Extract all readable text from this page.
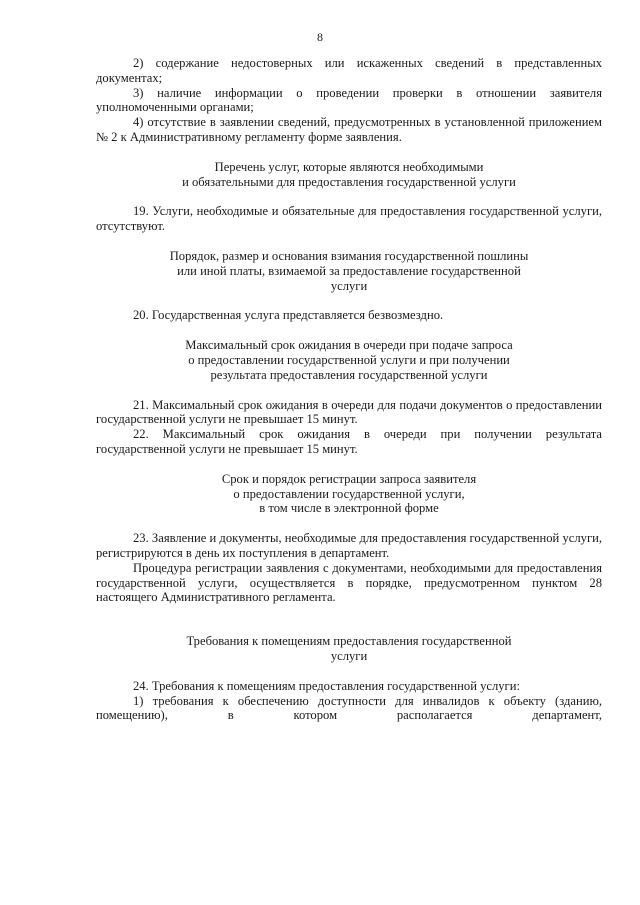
8

2) содержание недостоверных или искаженных сведений в представленных документах;

3) наличие информации о проведении проверки в отношении заявителя уполномоченными органами;

4) отсутствие в заявлении сведений, предусмотренных в установленной приложением № 2 к Административному регламенту форме заявления.

Перечень услуг, которые являются необходимыми
и обязательными для предоставления государственной услуги

19. Услуги, необходимые и обязательные для предоставления государственной услуги, отсутствуют.

Порядок, размер и основания взимания государственной пошлины
или иной платы, взимаемой за предоставление государственной
услуги

20. Государственная услуга представляется безвозмездно.

Максимальный срок ожидания в очереди при подаче запроса
о предоставлении государственной услуги и при получении
результата предоставления государственной услуги

21. Максимальный срок ожидания в очереди для подачи документов о предоставлении государственной услуги не превышает 15 минут.

22. Максимальный срок ожидания в очереди при получении результата государственной услуги не превышает 15 минут.

Срок и порядок регистрации запроса заявителя
о предоставлении государственной услуги,
в том числе в электронной форме

23. Заявление и документы, необходимые для предоставления государственной услуги, регистрируются в день их поступления в департамент.

Процедура регистрации заявления с документами, необходимыми для предоставления государственной услуги, осуществляется в порядке, предусмотренном пунктом 28 настоящего Административного регламента.

Требования к помещениям предоставления государственной
услуги

24. Требования к помещениям предоставления государственной услуги:

1) требования к обеспечению доступности для инвалидов к объекту (зданию, помещению), в котором располагается департамент,
